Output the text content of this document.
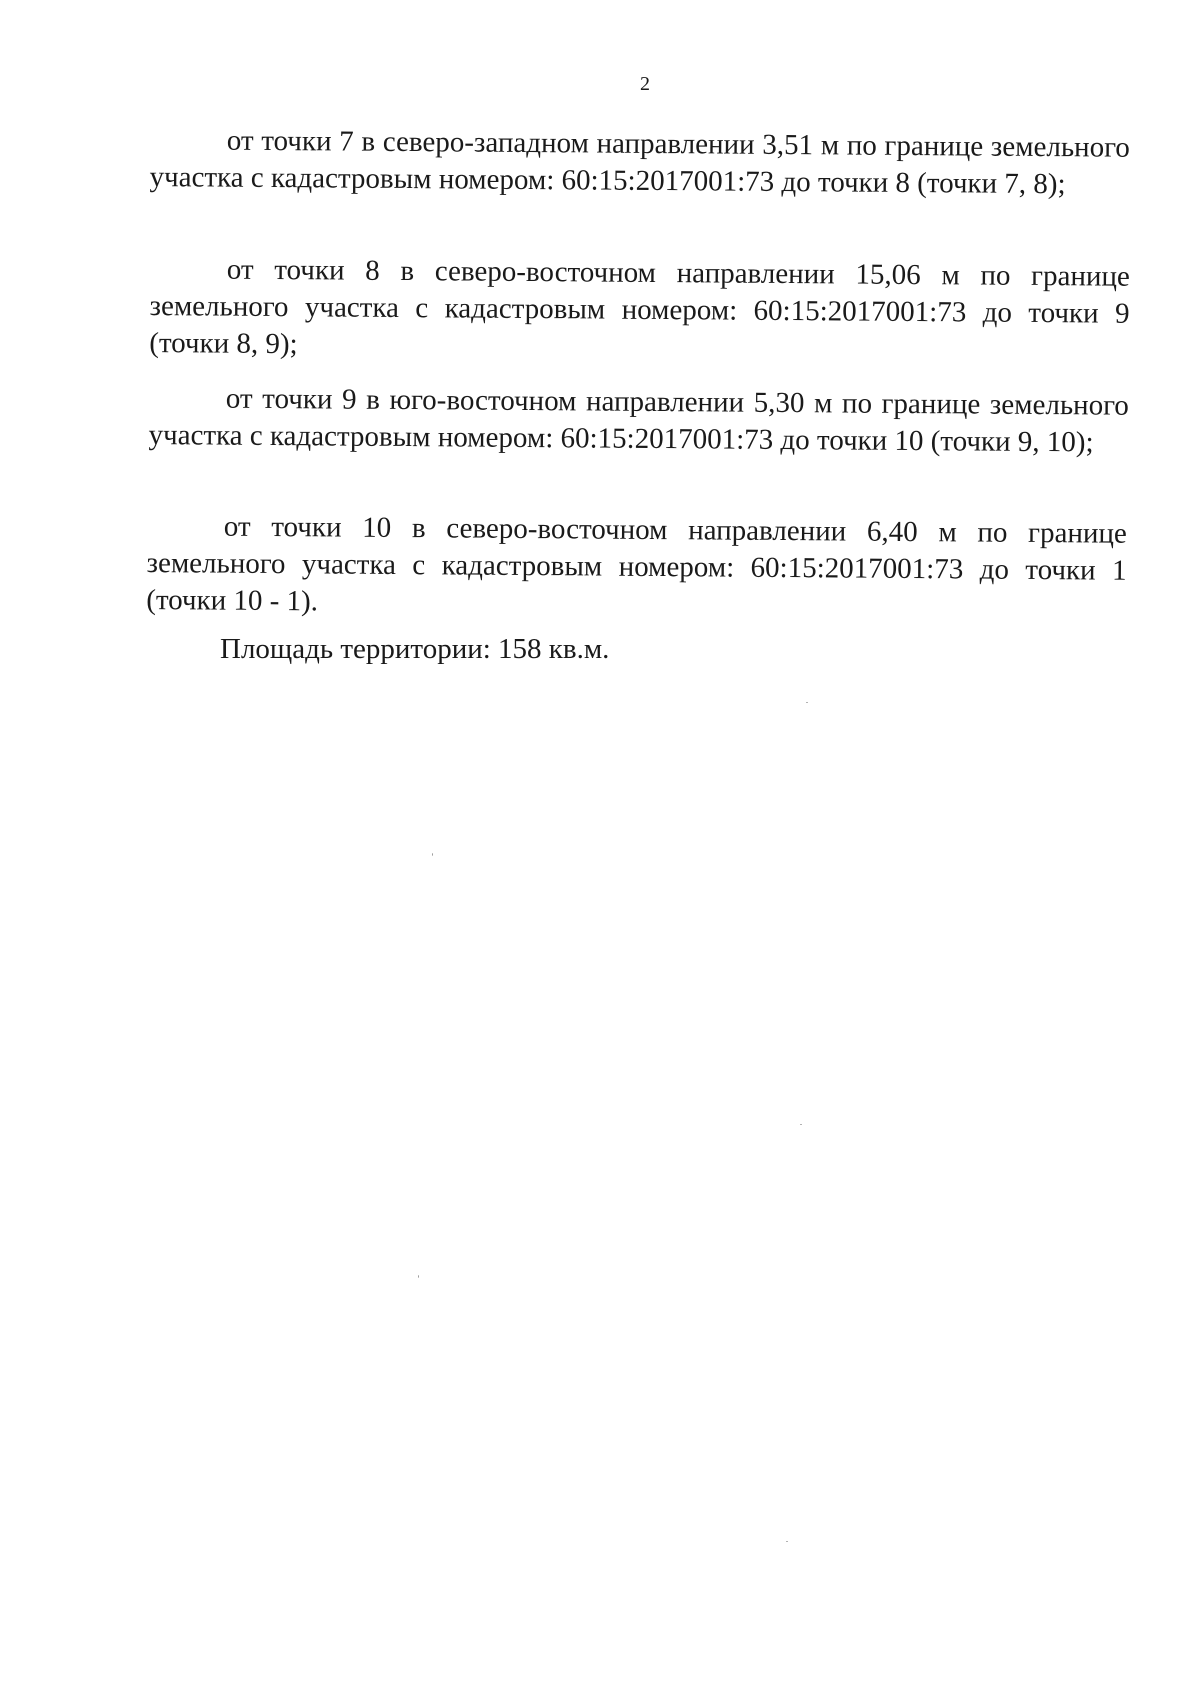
2

от точки 7 в северо-западном направлении 3,51 м по границе земельного участка с кадастровым номером: 60:15:2017001:73 до точки 8 (точки 7, 8);

от точки 8 в северо-восточном направлении 15,06 м по границе земельного участка с кадастровым номером: 60:15:2017001:73 до точки 9 (точки 8, 9);

от точки 9 в юго-восточном направлении 5,30 м по границе земельного участка с кадастровым номером: 60:15:2017001:73 до точки 10 (точки 9, 10);

от точки 10 в северо-восточном направлении 6,40 м по границе земельного участка с кадастровым номером: 60:15:2017001:73 до точки 1 (точки 10 - 1).

Площадь территории: 158 кв.м.
